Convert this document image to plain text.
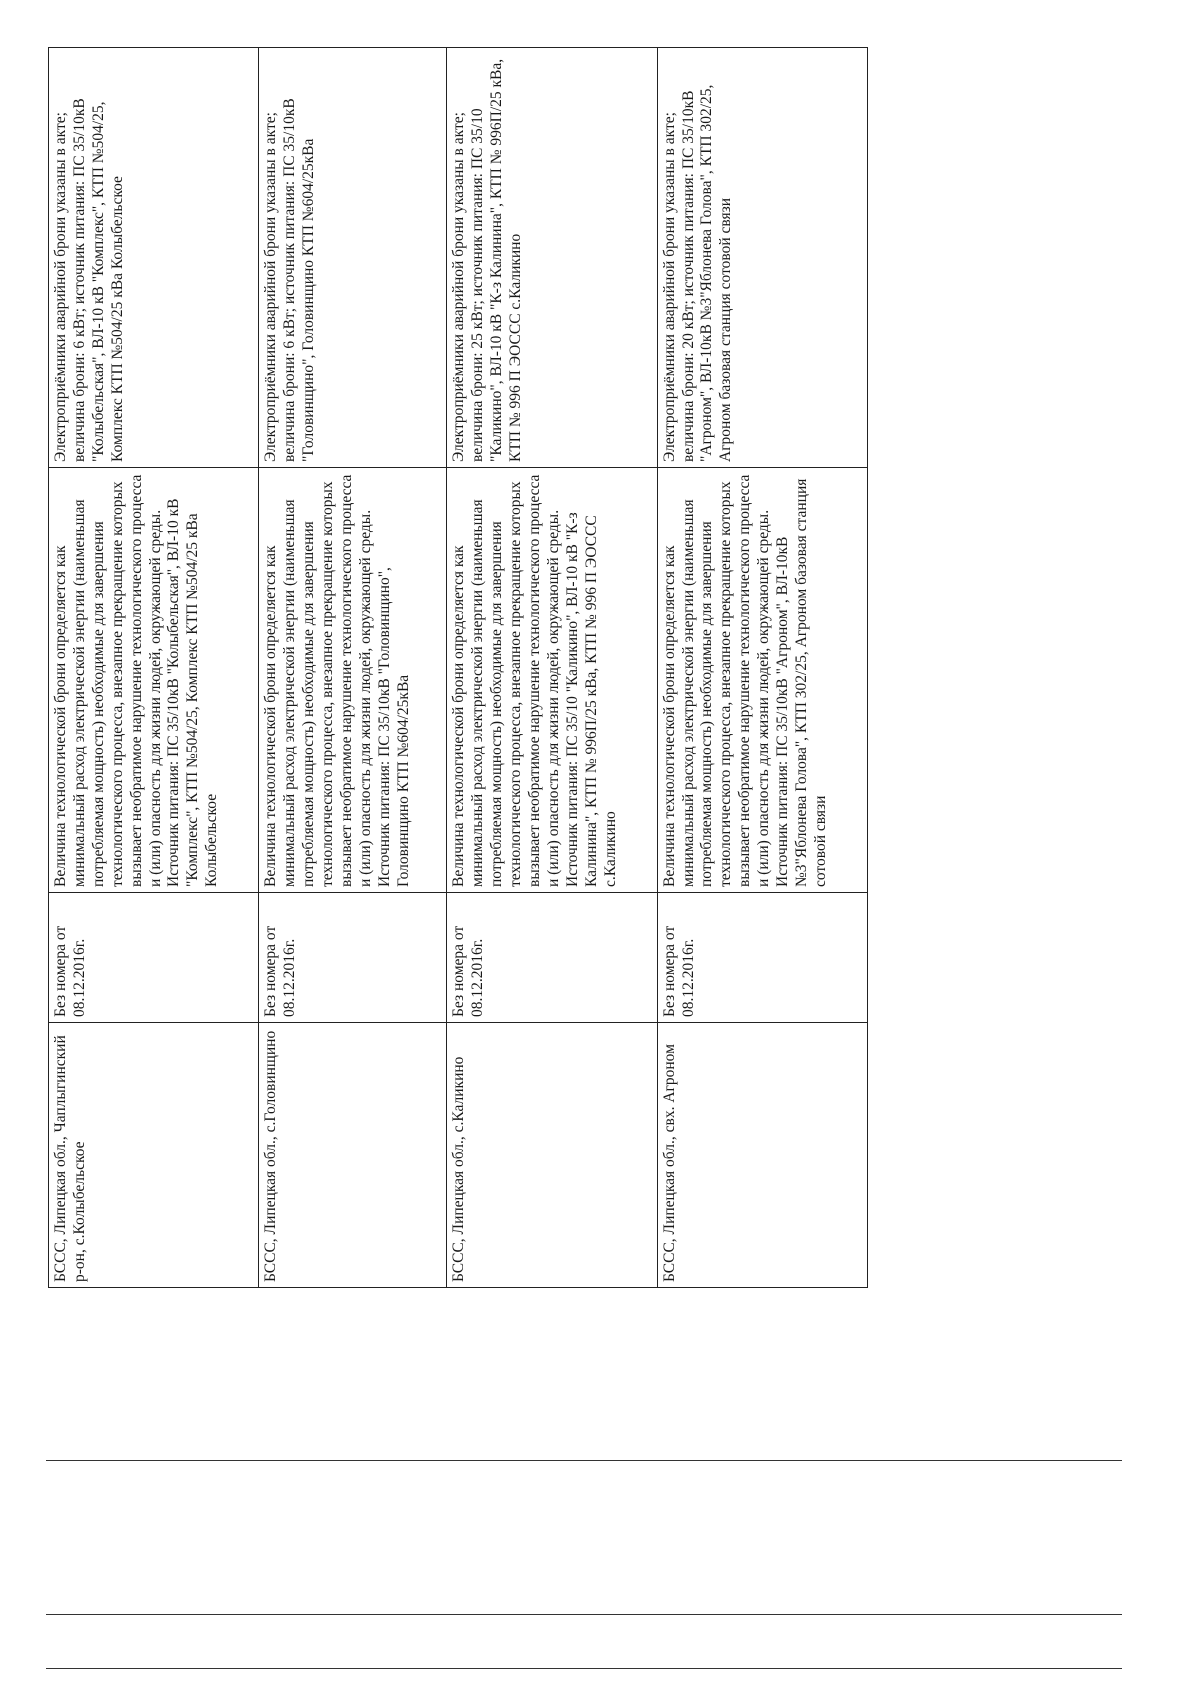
БССС, Липецкая обл., Чаплыгинский р-он, с.Колыбельское	Без номера от 08.12.2016г.	Величина технологической брони определяется как минимальный расход электрической энергии (наименьшая потребляемая мощность) необходимые для завершения технологического процесса, внезапное прекращение которых вызывает необратимое нарушение технологического процесса и (или) опасность для жизни людей, окружающей среды. Источник питания: ПС 35/10кВ "Колыбельская", ВЛ-10 кВ "Комплекс", КТП №504/25, Комплекс КТП №504/25 кВа Колыбельское	Электроприёмники аварийной брони указаны в акте; величина брони: 6 кВт; источник питания: ПС 35/10кВ "Колыбельская", ВЛ-10 кВ "Комплекс", КТП №504/25, Комплекс КТП №504/25 кВа Колыбельское
БССС, Липецкая обл., с.Головинщино	Без номера от 08.12.2016г.	Величина технологической брони определяется как минимальный расход электрической энергии (наименьшая потребляемая мощность) необходимые для завершения технологического процесса, внезапное прекращение которых вызывает необратимое нарушение технологического процесса и (или) опасность для жизни людей, окружающей среды. Источник питания: ПС 35/10кВ "Головинщино", Головинщино КТП №604/25кВа	Электроприёмники аварийной брони указаны в акте; величина брони: 6 кВт; источник питания: ПС 35/10кВ "Головинщино", Головинщино КТП №604/25кВа
БССС, Липецкая обл., с.Каликино	Без номера от 08.12.2016г.	Величина технологической брони определяется как минимальный расход электрической энергии (наименьшая потребляемая мощность) необходимые для завершения технологического процесса, внезапное прекращение которых вызывает необратимое нарушение технологического процесса и (или) опасность для жизни людей, окружающей среды. Источник питания: ПС 35/10 "Каликино", ВЛ-10 кВ "К-з Калинина", КТП № 996П/25 кВа, КТП № 996 П ЭОССС с.Каликино	Электроприёмники аварийной брони указаны в акте; величина брони: 25 кВт; источник питания: ПС 35/10 "Каликино", ВЛ-10 кВ "К-з Калинина", КТП № 996П/25 кВа, КТП № 996 П ЭОССС с.Каликино
БССС, Липецкая обл., свх. Агроном	Без номера от 08.12.2016г.	Величина технологической брони определяется как минимальный расход электрической энергии (наименьшая потребляемая мощность) необходимые для завершения технологического процесса, внезапное прекращение которых вызывает необратимое нарушение технологического процесса и (или) опасность для жизни людей, окружающей среды. Источник питания: ПС 35/10кВ "Агроном", ВЛ-10кВ №3"Яблонева Голова", КТП 302/25, Агроном базовая станция сотовой связи	Электроприёмники аварийной брони указаны в акте; величина брони: 20 кВт; источник питания: ПС 35/10кВ "Агроном", ВЛ-10кВ №3"Яблонева Голова", КТП 302/25, Агроном базовая станция сотовой связи
